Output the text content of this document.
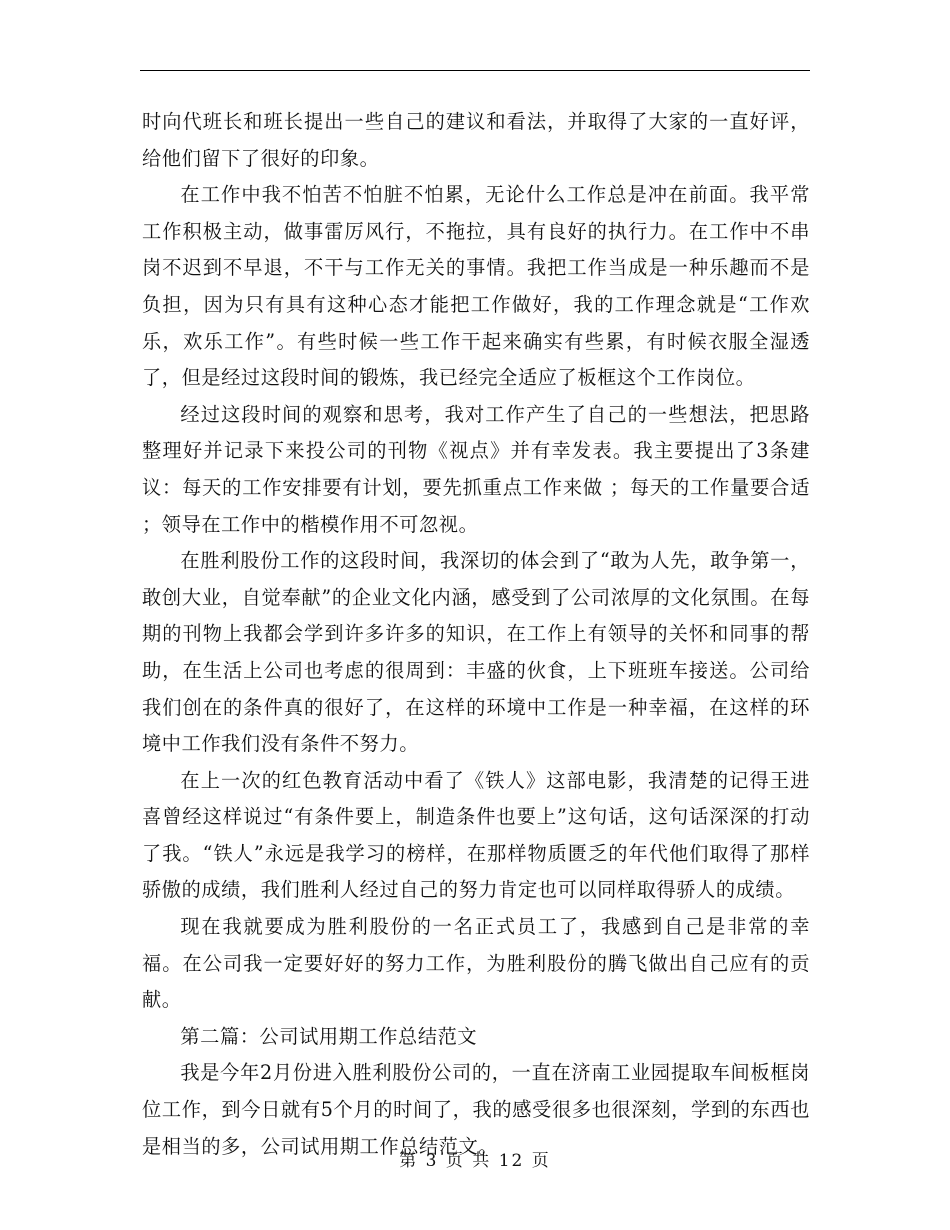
时向代班长和班长提出一些自己的建议和看法，并取得了大家的一直好评，给他们留下了很好的印象。

在工作中我不怕苦不怕脏不怕累，无论什么工作总是冲在前面。我平常工作积极主动，做事雷厉风行，不拖拉，具有良好的执行力。在工作中不串岗不迟到不早退，不干与工作无关的事情。我把工作当成是一种乐趣而不是负担，因为只有具有这种心态才能把工作做好，我的工作理念就是“工作欢乐，欢乐工作”。有些时候一些工作干起来确实有些累，有时候衣服全湿透了，但是经过这段时间的锻炼，我已经完全适应了板框这个工作岗位。

经过这段时间的观察和思考，我对工作产生了自己的一些想法，把思路整理好并记录下来投公司的刊物《视点》并有幸发表。我主要提出了3条建议：每天的工作安排要有计划，要先抓重点工作来做 ；每天的工作量要合适 ；领导在工作中的楷模作用不可忽视。

在胜利股份工作的这段时间，我深切的体会到了“敢为人先，敢争第一，敢创大业，自觉奉献”的企业文化内涵，感受到了公司浓厚的文化氛围。在每期的刊物上我都会学到许多许多的知识，在工作上有领导的关怀和同事的帮助，在生活上公司也考虑的很周到：丰盛的伙食，上下班班车接送。公司给我们创在的条件真的很好了，在这样的环境中工作是一种幸福，在这样的环境中工作我们没有条件不努力。

在上一次的红色教育活动中看了《铁人》这部电影，我清楚的记得王进喜曾经这样说过“有条件要上，制造条件也要上”这句话，这句话深深的打动了我。“铁人”永远是我学习的榜样，在那样物质匮乏的年代他们取得了那样骄傲的成绩，我们胜利人经过自己的努力肯定也可以同样取得骄人的成绩。

现在我就要成为胜利股份的一名正式员工了，我感到自己是非常的幸福。在公司我一定要好好的努力工作，为胜利股份的腾飞做出自己应有的贡献。

第二篇：公司试用期工作总结范文

我是今年2月份进入胜利股份公司的，一直在济南工业园提取车间板框岗位工作，到今日就有5个月的时间了，我的感受很多也很深刻，学到的东西也是相当的多，公司试用期工作总结范文。

第 3 页 共 12 页
